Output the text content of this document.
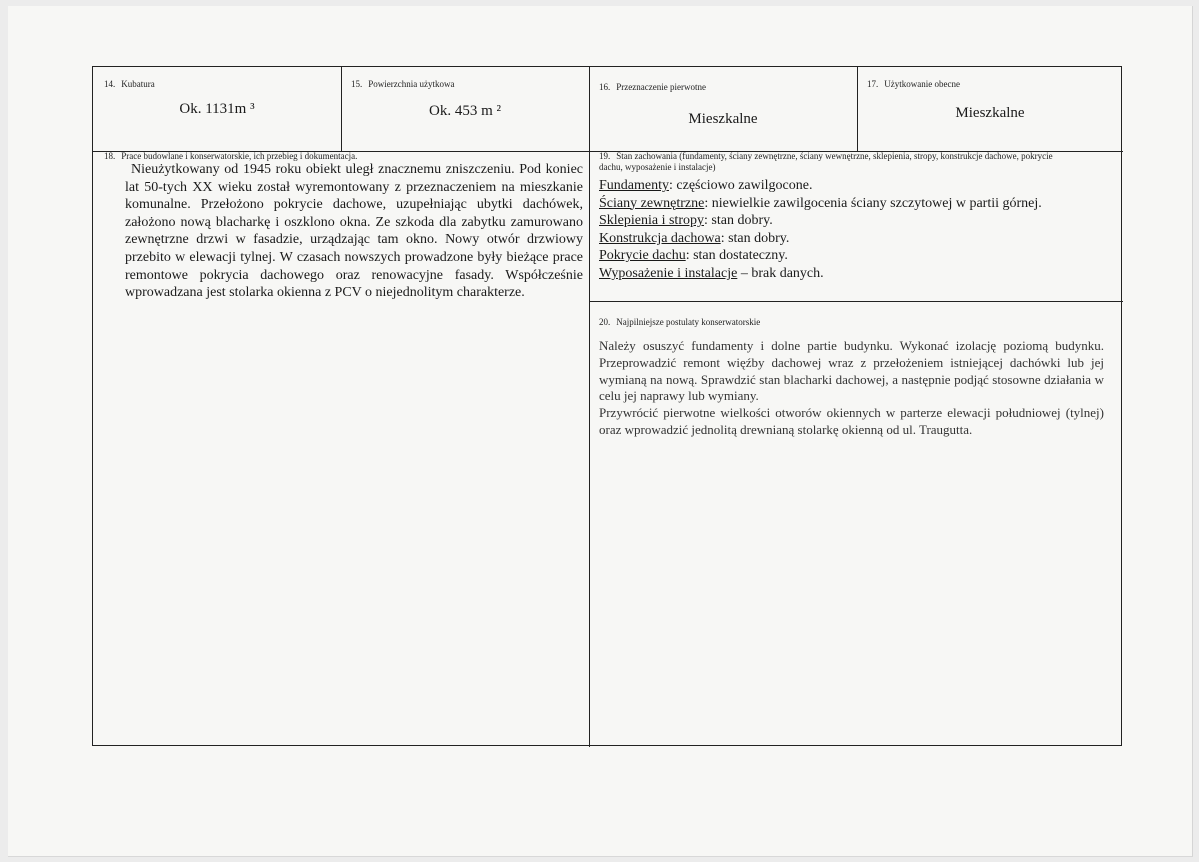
14. Kubatura
Ok. 1131m ³
15. Powierzchnia użytkowa
Ok. 453 m ²
16. Przeznaczenie pierwotne
Mieszkalne
17. Użytkowanie obecne
Mieszkalne
18. Prace budowlane i konserwatorskie, ich przebieg i dokumentacja.
Nieużytkowany od 1945 roku obiekt uległ znacznemu zniszczeniu. Pod koniec lat 50-tych XX wieku został wyremontowany z przeznaczeniem na mieszkanie komunalne. Przełożono pokrycie dachowe, uzupełniając ubytki dachówek, założono nową blacharkę i oszklono okna. Ze szkoda dla zabytku zamurowano zewnętrzne drzwi w fasadzie, urządzając tam okno. Nowy otwór drzwiowy przebito w elewacji tylnej. W czasach nowszych prowadzone były bieżące prace remontowe pokrycia dachowego oraz renowacyjne fasady. Współcześnie wprowadzana jest stolarka okienna z PCV o niejednolitym charakterze.
19. Stan zachowania (fundamenty, ściany zewnętrzne, ściany wewnętrzne, sklepienia, stropy, konstrukcje dachowe, pokrycie dachu, wyposażenie i instalacje)
Fundamenty: częściowo zawilgocone.
Ściany zewnętrzne: niewielkie zawilgocenia ściany szczytowej w partii górnej.
Sklepienia i stropy: stan dobry.
Konstrukcja dachowa: stan dobry.
Pokrycie dachu: stan dostateczny.
Wyposażenie i instalacje – brak danych.
20. Najpilniejsze postulaty konserwatorskie
Należy osuszyć fundamenty i dolne partie budynku. Wykonać izolację poziomą budynku. Przeprowadzić remont więźby dachowej wraz z przełożeniem istniejącej dachówki lub jej wymianą na nową. Sprawdzić stan blacharki dachowej, a następnie podjąć stosowne działania w celu jej naprawy lub wymiany.
Przywrócić pierwotne wielkości otworów okiennych w parterze elewacji południowej (tylnej) oraz wprowadzić jednolitą drewnianą stolarkę okienną od ul. Traugutta.
